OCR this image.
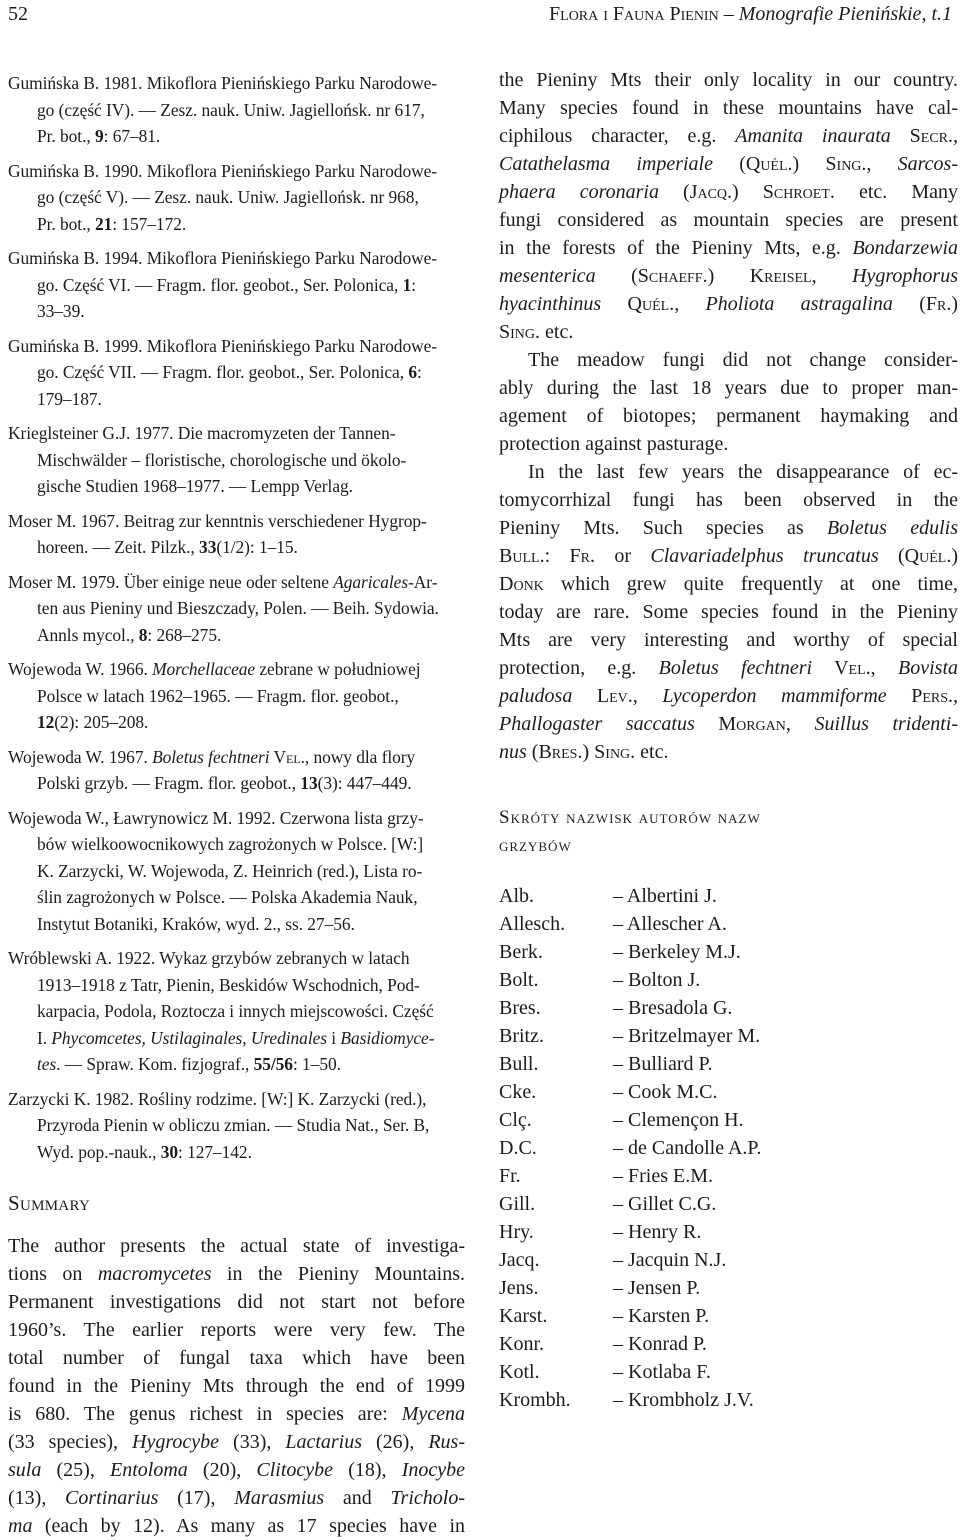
52	Flora i Fauna Pienin – Monografie Pienińskie, t.1

Gumińska B. 1981. Mikoflora Pienińskiego Parku Narodowe-

go (część IV). — Zesz. nauk. Uniw. Jagiellońsk. nr 617,

Pr. bot., 9: 67–81.

Gumińska B. 1990. Mikoflora Pienińskiego Parku Narodowe-

go (część V). — Zesz. nauk. Uniw. Jagiellońsk. nr 968,

Pr. bot., 21: 157–172.

Gumińska B. 1994. Mikoflora Pienińskiego Parku Narodowe-

go. Część VI. — Fragm. flor. geobot., Ser. Polonica, 1:

33–39.

Gumińska B. 1999. Mikoflora Pienińskiego Parku Narodowe-

go. Część VII. — Fragm. flor. geobot., Ser. Polonica, 6:

179–187.

Krieglsteiner G.J. 1977. Die macromyzeten der Tannen-

Mischwälder – floristische, chorologische und ökolo-

gische Studien 1968–1977. — Lempp Verlag.

Moser M. 1967. Beitrag zur kenntnis verschiedener Hygrop-

horeen. — Zeit. Pilzk., 33(1/2): 1–15.

Moser M. 1979. Über einige neue oder seltene Agaricales-Ar-

ten aus Pieniny und Bieszczady, Polen. — Beih. Sydowia.

Annls mycol., 8: 268–275.

Wojewoda W. 1966. Morchellaceae zebrane w południowej

Polsce w latach 1962–1965. — Fragm. flor. geobot.,

12(2): 205–208.

Wojewoda W. 1967. Boletus fechtneri Vel., nowy dla flory

Polski grzyb. — Fragm. flor. geobot., 13(3): 447–449.

Wojewoda W., Ławrynowicz M. 1992. Czerwona lista grzy-

bów wielkoowocnikowych zagrożonych w Polsce. [W:]

K. Zarzycki, W. Wojewoda, Z. Heinrich (red.), Lista ro-

ślin zagrożonych w Polsce. — Polska Akademia Nauk,

Instytut Botaniki, Kraków, wyd. 2., ss. 27–56.

Wróblewski A. 1922. Wykaz grzybów zebranych w latach

1913–1918 z Tatr, Pienin, Beskidów Wschodnich, Pod-

karpacia, Podola, Roztocza i innych miejscowości. Część

I. Phycomcetes, Ustilaginales, Uredinales i Basidiomyce-

tes. — Spraw. Kom. fizjograf., 55/56: 1–50.

Zarzycki K. 1982. Rośliny rodzime. [W:] K. Zarzycki (red.),

Przyroda Pienin w obliczu zmian. — Studia Nat., Ser. B,

Wyd. pop.-nauk., 30: 127–142.

Summary
The author presents the actual state of investiga-
tions on macromycetes in the Pieniny Mountains.
Permanent investigations did not start not before
1960’s. The earlier reports were very few. The
total number of fungal taxa which have been
found in the Pieniny Mts through the end of 1999
is 680. The genus richest in species are: Mycena
(33 species), Hygrocybe (33), Lactarius (26), Rus-
sula (25), Entoloma (20), Clitocybe (18), Inocybe
(13), Cortinarius (17), Marasmius and Tricholo-
ma (each by 12). As many as 17 species have in
the Pieniny Mts their only locality in our country.
Many species found in these mountains have cal-
ciphilous character, e.g. Amanita inaurata Secr.,
Catathelasma imperiale (Quél.) Sing., Sarcos-
phaera coronaria (Jacq.) Schroet. etc. Many
fungi considered as mountain species are present
in the forests of the Pieniny Mts, e.g. Bondarzewia
mesenterica (Schaeff.) Kreisel, Hygrophorus
hyacinthinus Quél., Pholiota astragalina (Fr.)
Sing. etc.
The meadow fungi did not change consider-
ably during the last 18 years due to proper man-
agement of biotopes; permanent haymaking and
protection against pasturage.
In the last few years the disappearance of ec-
tomycorrhizal fungi has been observed in the
Pieniny Mts. Such species as Boletus edulis
Bull.: Fr. or Clavariadelphus truncatus (Quél.)
Donk which grew quite frequently at one time,
today are rare. Some species found in the Pieniny
Mts are very interesting and worthy of special
protection, e.g. Boletus fechtneri Vel., Bovista
paludosa Lev., Lycoperdon mammiforme Pers.,
Phallogaster saccatus Morgan, Suillus tridenti-
nus (Bres.) Sing. etc.
Skróty nazwisk autorów nazw
grzybów
Alb.	– Albertini J.
Allesch.	– Allescher A.
Berk.	– Berkeley M.J.
Bolt.	– Bolton J.
Bres.	– Bresadola G.
Britz.	– Britzelmayer M.
Bull.	– Bulliard P.
Cke.	– Cook M.C.
Clç.	– Clemençon H.
D.C.	– de Candolle A.P.
Fr.	– Fries E.M.
Gill.	– Gillet C.G.
Hry.	– Henry R.
Jacq.	– Jacquin N.J.
Jens.	– Jensen P.
Karst.	– Karsten P.
Konr.	– Konrad P.
Kotl.	– Kotlaba F.
Krombh.	– Krombholz J.V.
